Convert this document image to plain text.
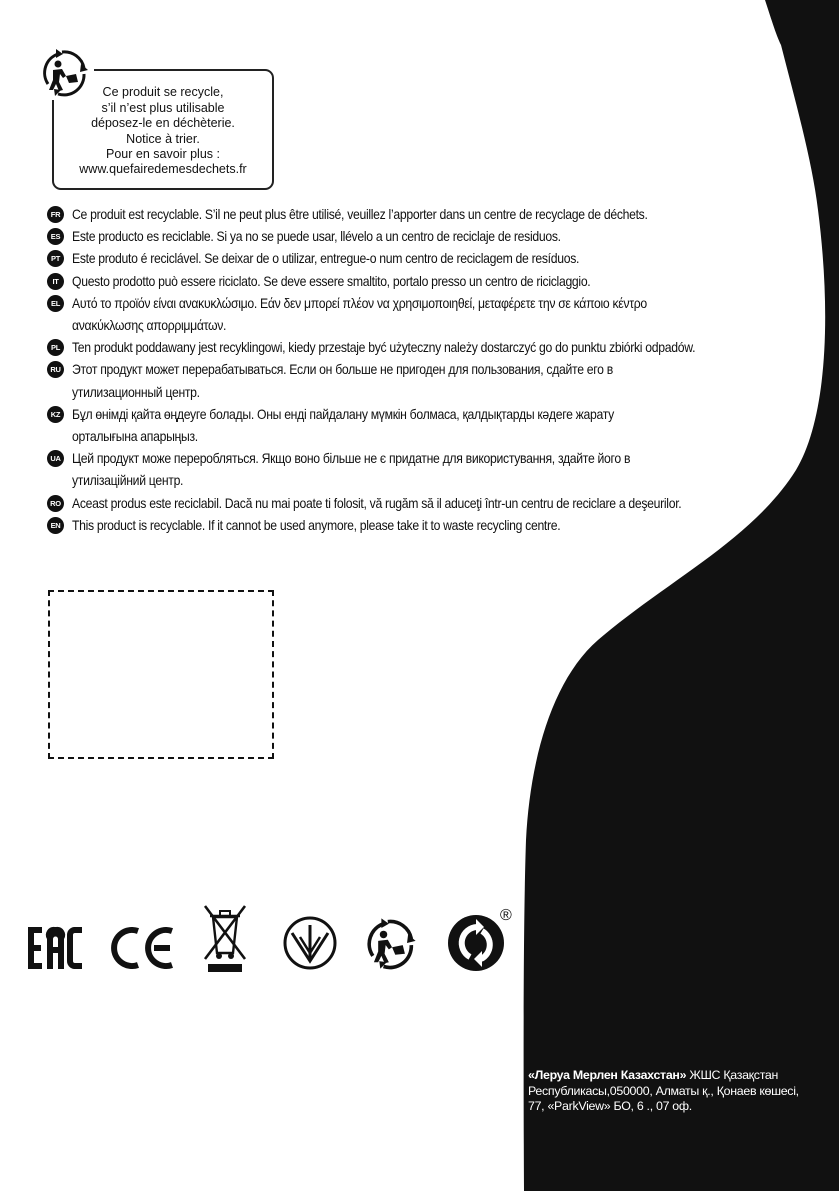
Ce produit se recycle,
s’il n’est plus utilisable
déposez-le en déchèterie.
Notice à trier.
Pour en savoir plus :
www.quefairedemesdechets.fr
FR Ce produit est recyclable. S’il ne peut plus être utilisé, veuillez l’apporter dans un centre de recyclage de déchets.
ES Este producto es reciclable. Si ya no se puede usar, llévelo a un centro de reciclaje de residuos.
PT Este produto é reciclável. Se deixar de o utilizar, entregue-o num centro de reciclagem de resíduos.
IT Questo prodotto può essere riciclato. Se deve essere smaltito, portalo presso un centro de riciclaggio.
EL Αυτό το προϊόν είναι ανακυκλώσιμο. Εάν δεν μπορεί πλέον να χρησιμοποιηθεί, μεταφέρετε την σε κάποιο κέντρο
ανακύκλωσης απορριμμάτων.
PL Ten produkt poddawany jest recyklingowi, kiedy przestaje być użyteczny należy dostarczyć go do punktu zbiórki odpadów.
RU Этот продукт может перерабатываться. Если он больше не пригоден для пользования, сдайте его в
утилизационный центр.
KZ Бұл өнімді қайта өңдеуге болады. Оны енді пайдалану мүмкін болмаса, қалдықтарды кәдеге жарату
орталығына апарыңыз.
UA Цей продукт може переробляться. Якщо воно більше не є придатне для використування, здайте його в
утилізаційний центр.
RO Aceast produs este reciclabil. Dacă nu mai poate ti folosit, vă rugăm să il aduceţi într-un centru de reciclare a deşeurilor.
EN This product is recyclable. If it cannot be used anymore, please take it to waste recycling centre.
®
«Леруа Мерлен Казахстан» ЖШС Қазақстан
Республикасы,050000, Алматы қ., Қонаев көшесі,
77, «ParkView» БО, 6 ., 07 оф.
